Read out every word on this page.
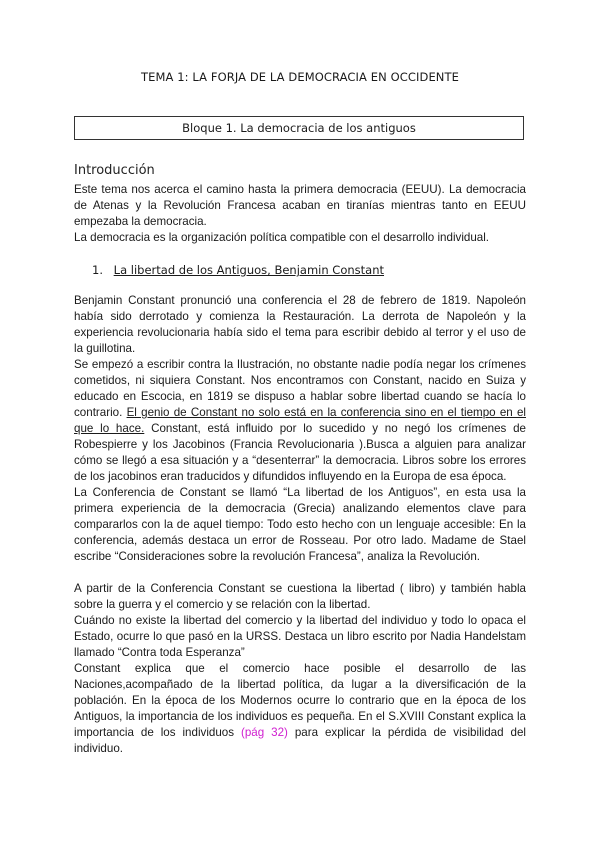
TEMA 1: LA FORJA DE LA DEMOCRACIA EN OCCIDENTE
Bloque 1. La democracia de los antiguos
Introducción

Este tema nos acerca el camino hasta la primera democracia (EEUU). La democracia de Atenas y la Revolución Francesa acaban en tiranías mientras tanto en EEUU empezaba la democracia.

La democracia es la organización política compatible con el desarrollo individual.

1. La libertad de los Antiguos, Benjamin Constant

Benjamin Constant pronunció una conferencia el 28 de febrero de 1819. Napoleón había sido derrotado y comienza la Restauración. La derrota de Napoleón y la experiencia revolucionaria había sido el tema para escribir debido al terror y el uso de la guillotina.

Se empezó a escribir contra la Ilustración, no obstante nadie podía negar los crímenes cometidos, ni siquiera Constant. Nos encontramos con Constant, nacido en Suiza y educado en Escocia, en 1819 se dispuso a hablar sobre libertad cuando se hacía lo contrario. El genio de Constant no solo está en la conferencia sino en el tiempo en el que lo hace. Constant, está influido por lo sucedido y no negó los crímenes de Robespierre y los Jacobinos (Francia Revolucionaria ).Busca a alguien para analizar cómo se llegó a esa situación y a “desenterrar” la democracia. Libros sobre los errores de los jacobinos eran traducidos y difundidos influyendo en la Europa de esa época.

La Conferencia de Constant se llamó “La libertad de los Antiguos”, en esta usa la primera experiencia de la democracia (Grecia) analizando elementos clave para compararlos con la de aquel tiempo: Todo esto hecho con un lenguaje accesible: En la conferencia, además destaca un error de Rosseau. Por otro lado. Madame de Stael escribe “Consideraciones sobre la revolución Francesa”, analiza la Revolución.

A partir de la Conferencia Constant se cuestiona la libertad ( libro) y también habla sobre la guerra y el comercio y se relación con la libertad.

Cuándo no existe la libertad del comercio y la libertad del individuo y todo lo opaca el Estado, ocurre lo que pasó en la URSS. Destaca un libro escrito por Nadia Handelstam llamado “Contra toda Esperanza”

Constant explica que el comercio hace posible el desarrollo de las Naciones,acompañado de la libertad política, da lugar a la diversificación de la población. En la época de los Modernos ocurre lo contrario que en la época de los Antiguos, la importancia de los individuos es pequeña. En el S.XVIII Constant explica la importancia de los individuos (pág 32) para explicar la pérdida de visibilidad del individuo.
